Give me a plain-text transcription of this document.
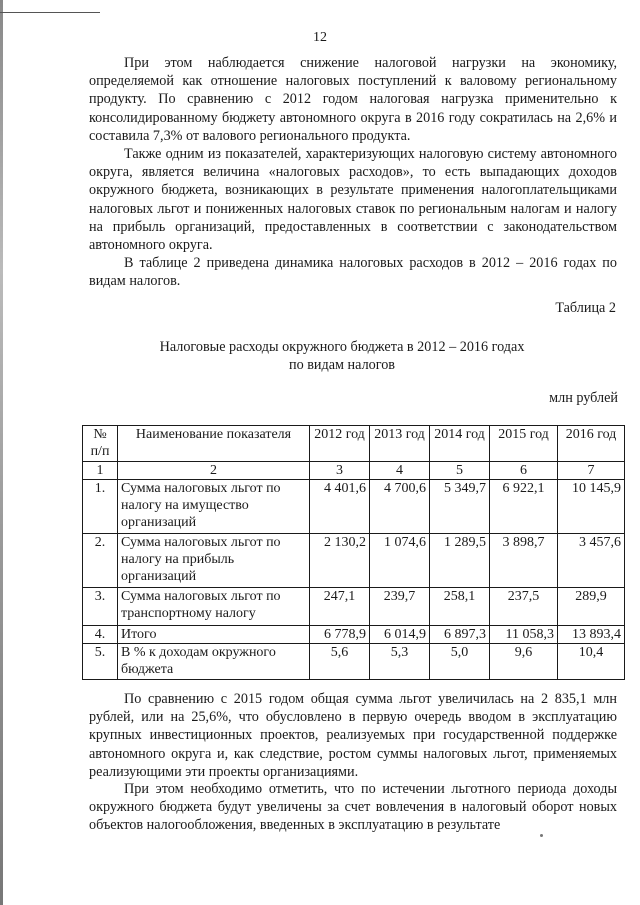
12

При этом наблюдается снижение налоговой нагрузки на экономику, определяемой как отношение налоговых поступлений к валовому региональному продукту. По сравнению с 2012 годом налоговая нагрузка применительно к консолидированному бюджету автономного округа в 2016 году сократилась на 2,6% и составила 7,3% от валового регионального продукта.

Также одним из показателей, характеризующих налоговую систему автономного округа, является величина «налоговых расходов», то есть выпадающих доходов окружного бюджета, возникающих в результате применения налогоплательщиками налоговых льгот и пониженных налоговых ставок по региональным налогам и налогу на прибыль организаций, предоставленных в соответствии с законодательством автономного округа.

В таблице 2 приведена динамика налоговых расходов в 2012 – 2016 годах по видам налогов.

Таблица 2
Налоговые расходы окружного бюджета в 2012 – 2016 годах
по видам налогов
млн рублей
№ п/п	Наименование показателя	2012 год	2013 год	2014 год	2015 год	2016 год
1	2	3	4	5	6	7
1.	Сумма налоговых льгот по налогу на имущество организаций	4 401,6	4 700,6	5 349,7	6 922,1	10 145,9
2.	Сумма налоговых льгот по налогу на прибыль организаций	2 130,2	1 074,6	1 289,5	3 898,7	3 457,6
3.	Сумма налоговых льгот по транспортному налогу	247,1	239,7	258,1	237,5	289,9
4.	Итого	6 778,9	6 014,9	6 897,3	11 058,3	13 893,4
5.	В % к доходам окружного бюджета	5,6	5,3	5,0	9,6	10,4

По сравнению с 2015 годом общая сумма льгот увеличилась на 2 835,1 млн рублей, или на 25,6%, что обусловлено в первую очередь вводом в эксплуатацию крупных инвестиционных проектов, реализуемых при государственной поддержке автономного округа и, как следствие, ростом суммы налоговых льгот, применяемых реализующими эти проекты организациями.

При этом необходимо отметить, что по истечении льготного периода доходы окружного бюджета будут увеличены за счет вовлечения в налоговый оборот новых объектов налогообложения, введенных в эксплуатацию в результате
